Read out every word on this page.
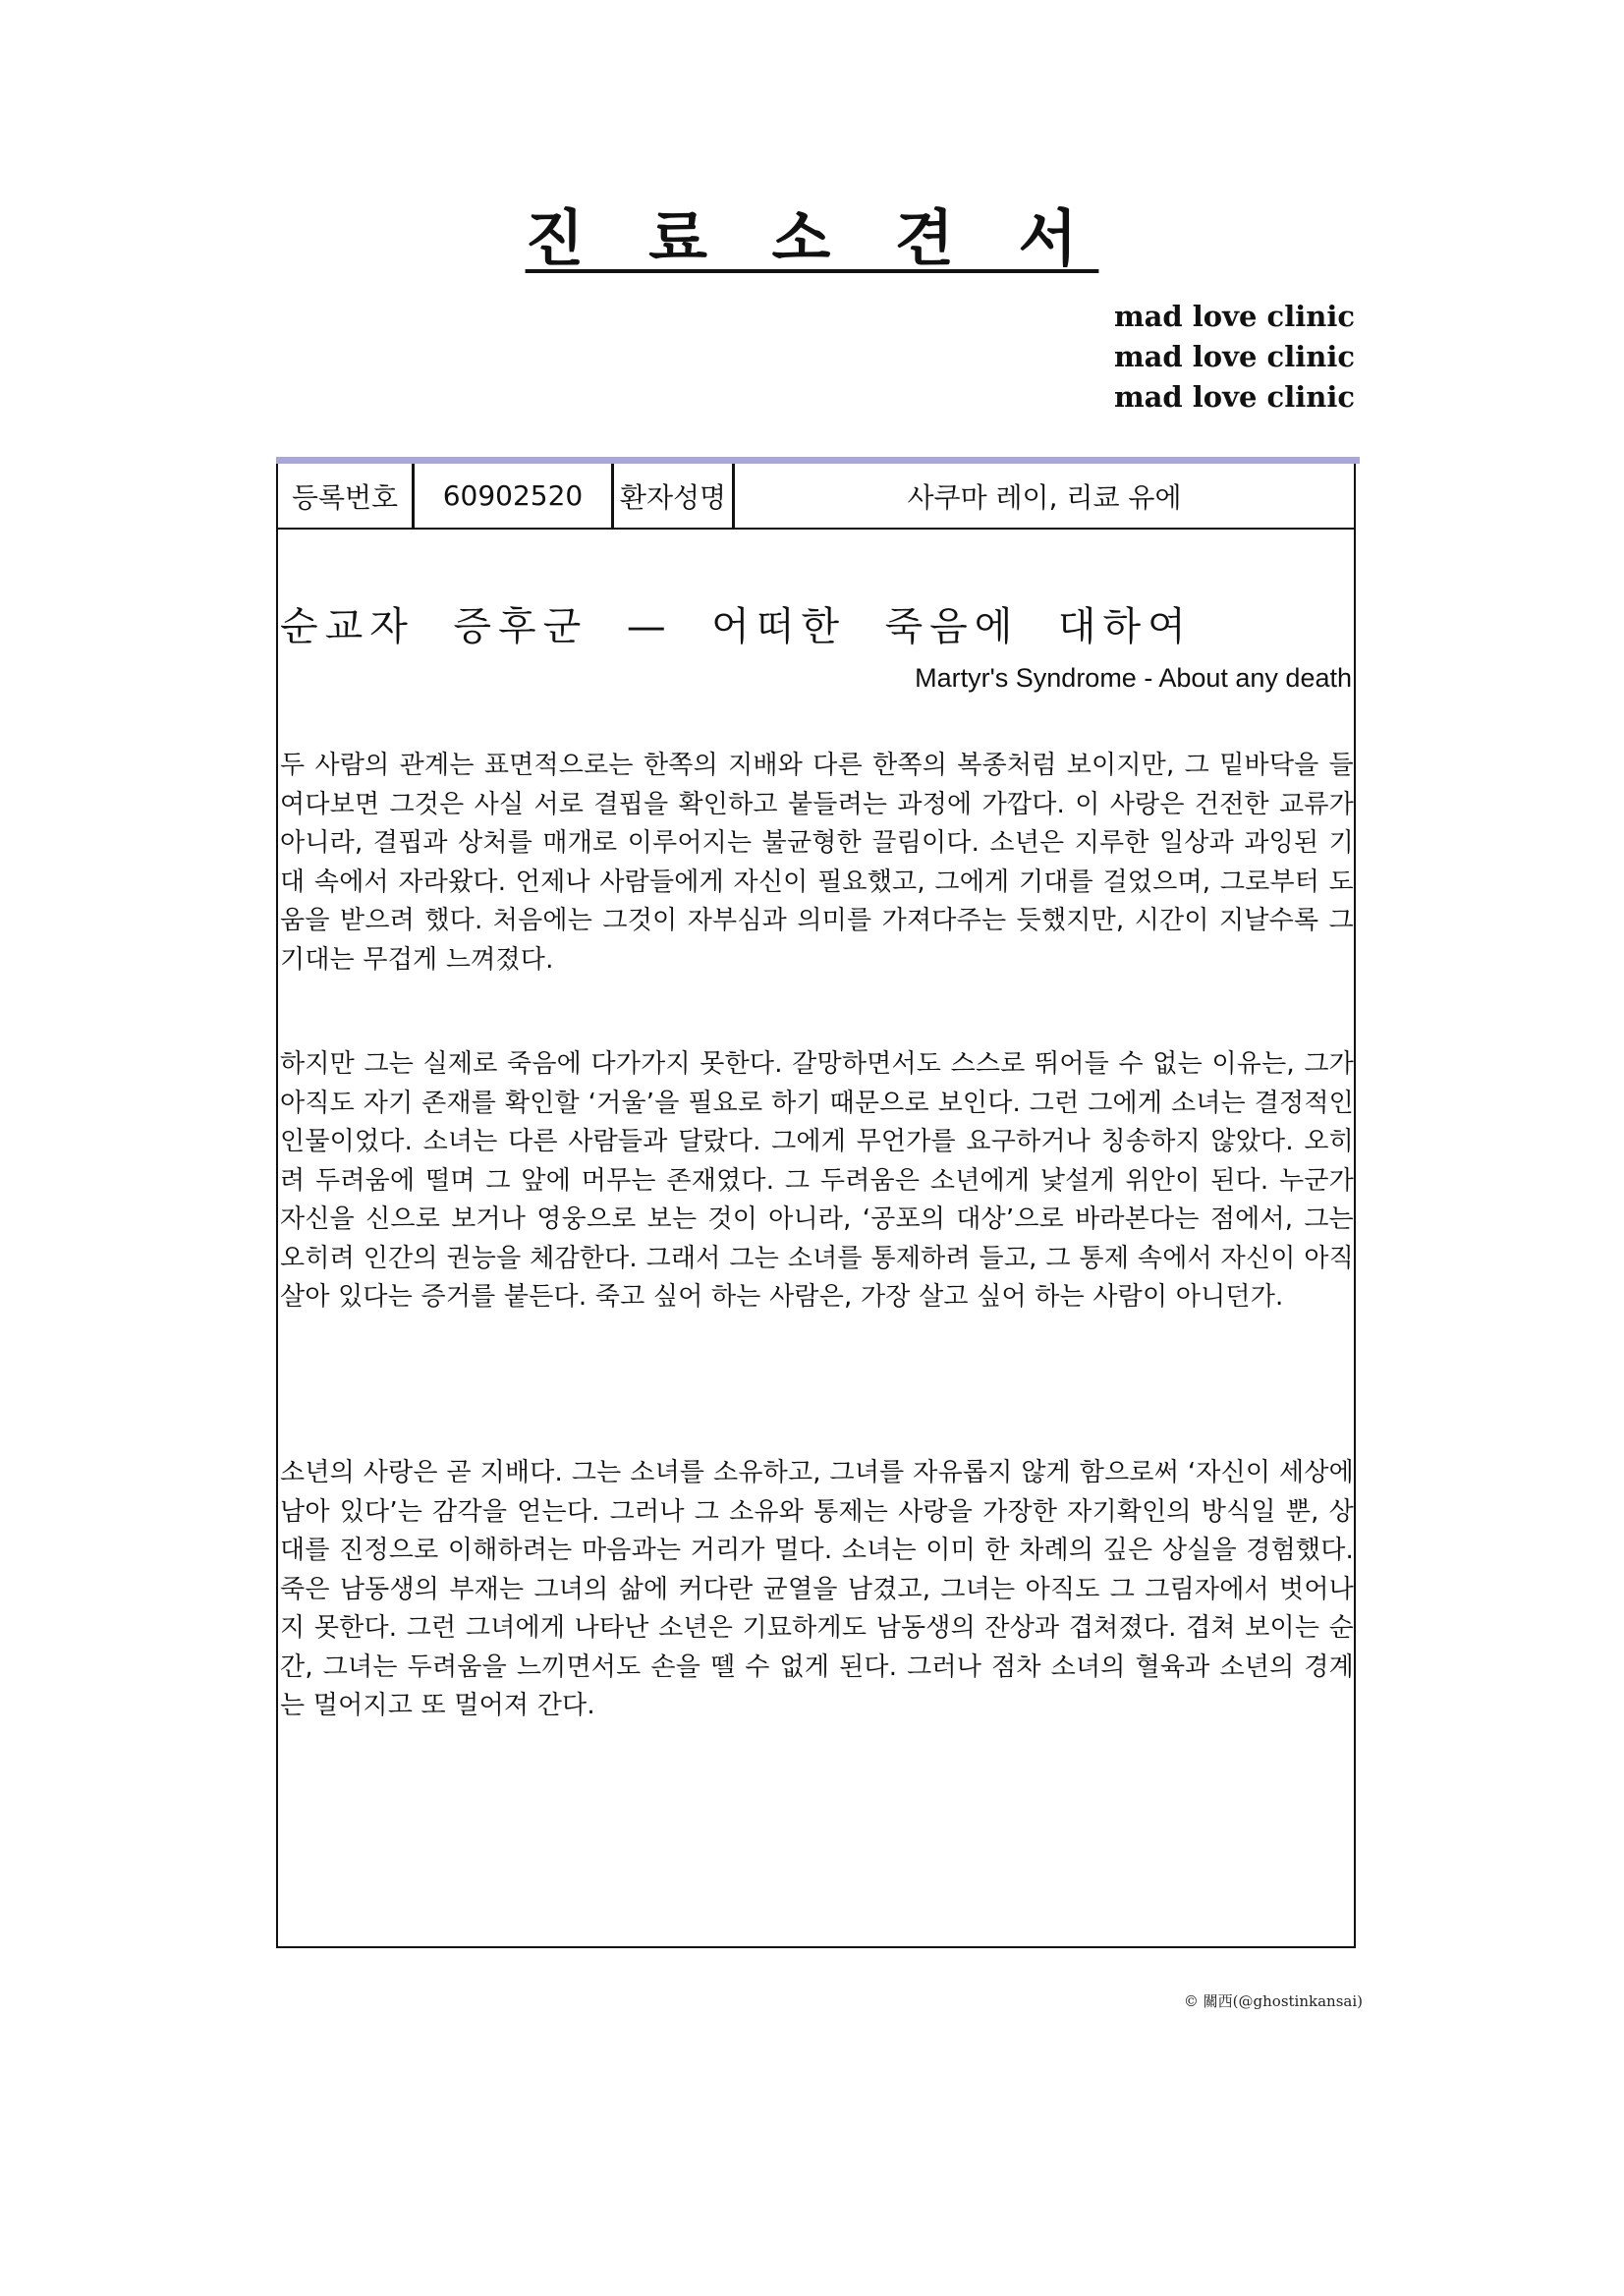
진 료 소 견 서
mad love clinic
mad love clinic
mad love clinic
등록번호	60902520	환자성명	사쿠마 레이, 리쿄 유에
순교자  증후군  —  어떠한  죽음에  대하여
Martyr's Syndrome - About any death
두 사람의 관계는 표면적으로는 한쪽의 지배와 다른 한쪽의 복종처럼 보이지만, 그 밑바닥을 들여다보면 그것은 사실 서로 결핍을 확인하고 붙들려는 과정에 가깝다. 이 사랑은 건전한 교류가 아니라, 결핍과 상처를 매개로 이루어지는 불균형한 끌림이다. 소년은 지루한 일상과 과잉된 기대 속에서 자라왔다. 언제나 사람들에게 자신이 필요했고, 그에게 기대를 걸었으며, 그로부터 도움을 받으려 했다. 처음에는 그것이 자부심과 의미를 가져다주는 듯했지만, 시간이 지날수록 그 기대는 무겁게 느껴졌다.
하지만 그는 실제로 죽음에 다가가지 못한다. 갈망하면서도 스스로 뛰어들 수 없는 이유는, 그가 아직도 자기 존재를 확인할 ‘거울’을 필요로 하기 때문으로 보인다. 그런 그에게 소녀는 결정적인 인물이었다. 소녀는 다른 사람들과 달랐다. 그에게 무언가를 요구하거나 칭송하지 않았다. 오히려 두려움에 떨며 그 앞에 머무는 존재였다. 그 두려움은 소년에게 낯설게 위안이 된다. 누군가 자신을 신으로 보거나 영웅으로 보는 것이 아니라, ‘공포의 대상’으로 바라본다는 점에서, 그는 오히려 인간의 권능을 체감한다. 그래서 그는 소녀를 통제하려 들고, 그 통제 속에서 자신이 아직 살아 있다는 증거를 붙든다. 죽고 싶어 하는 사람은, 가장 살고 싶어 하는 사람이 아니던가.
소년의 사랑은 곧 지배다. 그는 소녀를 소유하고, 그녀를 자유롭지 않게 함으로써 ‘자신이 세상에 남아 있다’는 감각을 얻는다. 그러나 그 소유와 통제는 사랑을 가장한 자기확인의 방식일 뿐, 상대를 진정으로 이해하려는 마음과는 거리가 멀다. 소녀는 이미 한 차례의 깊은 상실을 경험했다. 죽은 남동생의 부재는 그녀의 삶에 커다란 균열을 남겼고, 그녀는 아직도 그 그림자에서 벗어나지 못한다. 그런 그녀에게 나타난 소년은 기묘하게도 남동생의 잔상과 겹쳐졌다. 겹쳐 보이는 순간, 그녀는 두려움을 느끼면서도 손을 뗄 수 없게 된다. 그러나 점차 소녀의 혈육과 소년의 경계는 멀어지고 또 멀어져 간다.
© 關西(@ghostinkansai)
